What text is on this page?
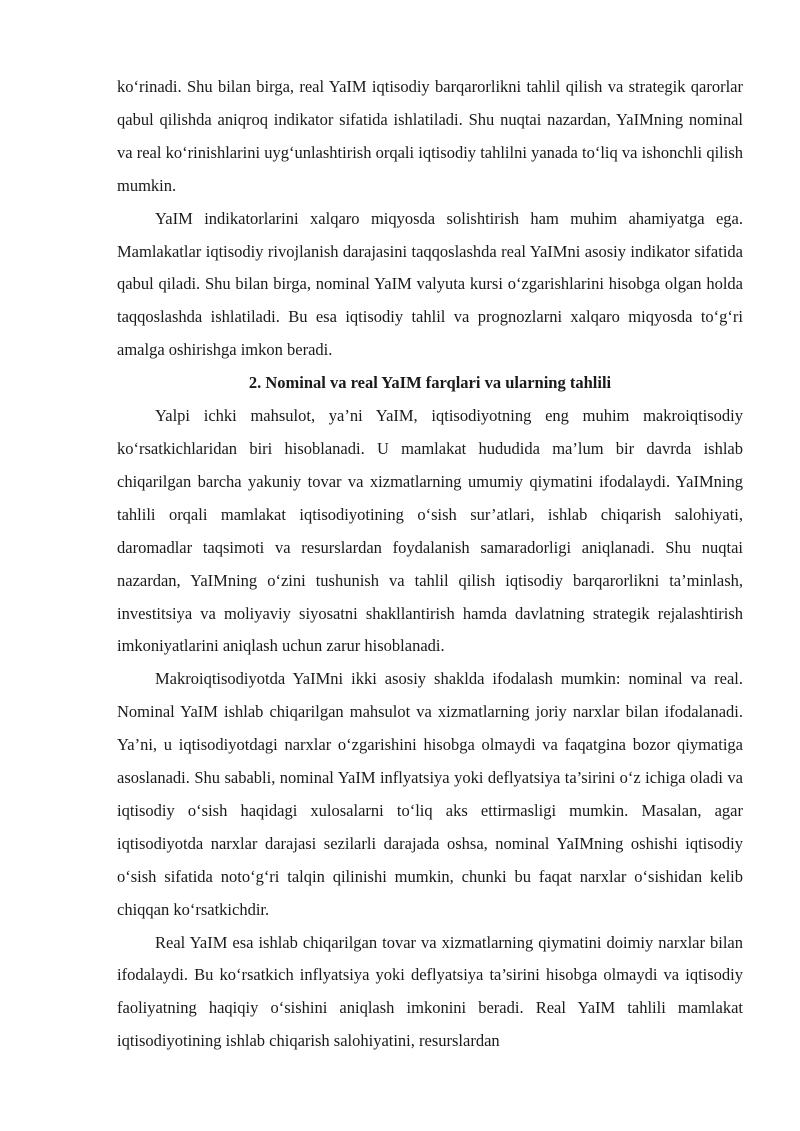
ko‘rinadi. Shu bilan birga, real YaIM iqtisodiy barqarorlikni tahlil qilish va strategik qarorlar qabul qilishda aniqroq indikator sifatida ishlatiladi. Shu nuqtai nazardan, YaIMning nominal va real ko‘rinishlarini uyg‘unlashtirish orqali iqtisodiy tahlilni yanada to‘liq va ishonchli qilish mumkin.

YaIM indikatorlarini xalqaro miqyosda solishtirish ham muhim ahamiyatga ega. Mamlakatlar iqtisodiy rivojlanish darajasini taqqoslashda real YaIMni asosiy indikator sifatida qabul qiladi. Shu bilan birga, nominal YaIM valyuta kursi o‘zgarishlarini hisobga olgan holda taqqoslashda ishlatiladi. Bu esa iqtisodiy tahlil va prognozlarni xalqaro miqyosda to‘g‘ri amalga oshirishga imkon beradi.

2. Nominal va real YaIM farqlari va ularning tahlili

Yalpi ichki mahsulot, ya’ni YaIM, iqtisodiyotning eng muhim makroiqtisodiy ko‘rsatkichlaridan biri hisoblanadi. U mamlakat hududida ma’lum bir davrda ishlab chiqarilgan barcha yakuniy tovar va xizmatlarning umumiy qiymatini ifodalaydi. YaIMning tahlili orqali mamlakat iqtisodiyotining o‘sish sur’atlari, ishlab chiqarish salohiyati, daromadlar taqsimoti va resurslardan foydalanish samaradorligi aniqlanadi. Shu nuqtai nazardan, YaIMning o‘zini tushunish va tahlil qilish iqtisodiy barqarorlikni ta’minlash, investitsiya va moliyaviy siyosatni shakllantirish hamda davlatning strategik rejalashtirish imkoniyatlarini aniqlash uchun zarur hisoblanadi.

Makroiqtisodiyotda YaIMni ikki asosiy shaklda ifodalash mumkin: nominal va real. Nominal YaIM ishlab chiqarilgan mahsulot va xizmatlarning joriy narxlar bilan ifodalanadi. Ya’ni, u iqtisodiyotdagi narxlar o‘zgarishini hisobga olmaydi va faqatgina bozor qiymatiga asoslanadi. Shu sababli, nominal YaIM inflyatsiya yoki deflyatsiya ta’sirini o‘z ichiga oladi va iqtisodiy o‘sish haqidagi xulosalarni to‘liq aks ettirmasligi mumkin. Masalan, agar iqtisodiyotda narxlar darajasi sezilarli darajada oshsa, nominal YaIMning oshishi iqtisodiy o‘sish sifatida noto‘g‘ri talqin qilinishi mumkin, chunki bu faqat narxlar o‘sishidan kelib chiqqan ko‘rsatkichdir.

Real YaIM esa ishlab chiqarilgan tovar va xizmatlarning qiymatini doimiy narxlar bilan ifodalaydi. Bu ko‘rsatkich inflyatsiya yoki deflyatsiya ta’sirini hisobga olmaydi va iqtisodiy faoliyatning haqiqiy o‘sishini aniqlash imkonini beradi. Real YaIM tahlili mamlakat iqtisodiyotining ishlab chiqarish salohiyatini, resurslardan
